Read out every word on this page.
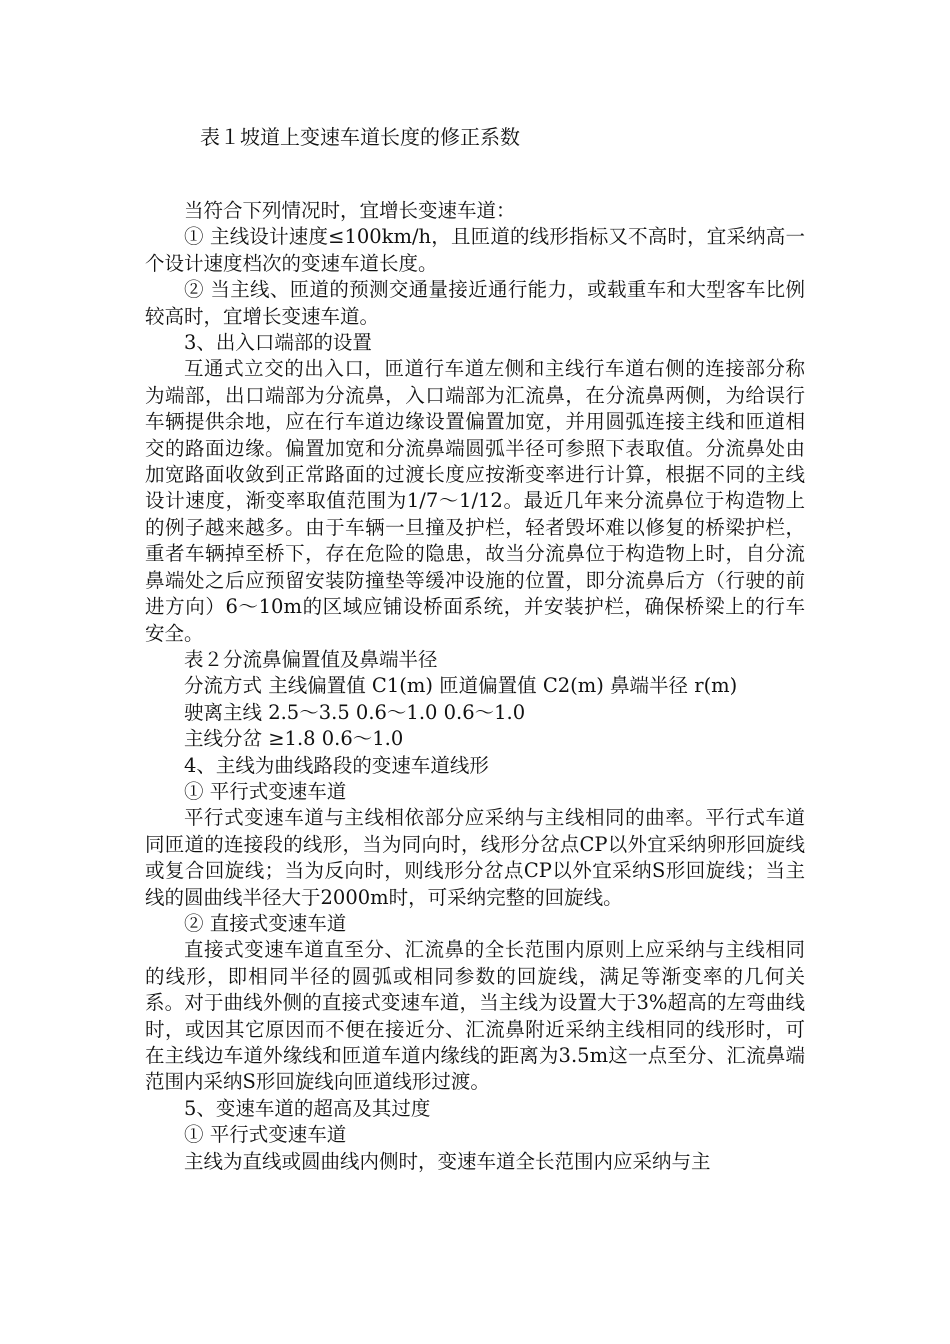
表１坡道上变速车道长度的修正系数

当符合下列情况时，宜增长变速车道：

① 主线设计速度≤100km/h，且匝道的线形指标又不高时，宜采纳高一个设计速度档次的变速车道长度。

② 当主线、匝道的预测交通量接近通行能力，或载重车和大型客车比例较高时，宜增长变速车道。

3、出入口端部的设置

互通式立交的出入口，匝道行车道左侧和主线行车道右侧的连接部分称为端部，出口端部为分流鼻，入口端部为汇流鼻，在分流鼻两侧，为给误行车辆提供余地，应在行车道边缘设置偏置加宽，并用圆弧连接主线和匝道相交的路面边缘。偏置加宽和分流鼻端圆弧半径可参照下表取值。分流鼻处由加宽路面收敛到正常路面的过渡长度应按渐变率进行计算，根据不同的主线设计速度，渐变率取值范围为1/7～1/12。最近几年来分流鼻位于构造物上的例子越来越多。由于车辆一旦撞及护栏，轻者毁坏难以修复的桥梁护栏，重者车辆掉至桥下，存在危险的隐患，故当分流鼻位于构造物上时，自分流鼻端处之后应预留安装防撞垫等缓冲设施的位置，即分流鼻后方（行驶的前进方向）6～10m的区域应铺设桥面系统，并安装护栏，确保桥梁上的行车安全。

表２分流鼻偏置值及鼻端半径

分流方式 主线偏置值 C1(m) 匝道偏置值 C2(m) 鼻端半径 r(m)

驶离主线 2.5～3.5 0.6～1.0 0.6～1.0

主线分岔 ≥1.8 0.6～1.0

4、主线为曲线路段的变速车道线形

① 平行式变速车道

平行式变速车道与主线相依部分应采纳与主线相同的曲率。平行式车道同匝道的连接段的线形，当为同向时，线形分岔点CP以外宜采纳卵形回旋线或复合回旋线；当为反向时，则线形分岔点CP以外宜采纳S形回旋线；当主线的圆曲线半径大于2000m时，可采纳完整的回旋线。

② 直接式变速车道

直接式变速车道直至分、汇流鼻的全长范围内原则上应采纳与主线相同的线形，即相同半径的圆弧或相同参数的回旋线，满足等渐变率的几何关系。对于曲线外侧的直接式变速车道，当主线为设置大于3%超高的左弯曲线时，或因其它原因而不便在接近分、汇流鼻附近采纳主线相同的线形时，可在主线边车道外缘线和匝道车道内缘线的距离为3.5m这一点至分、汇流鼻端范围内采纳S形回旋线向匝道线形过渡。

5、变速车道的超高及其过度

① 平行式变速车道

主线为直线或圆曲线内侧时，变速车道全长范围内应采纳与主
